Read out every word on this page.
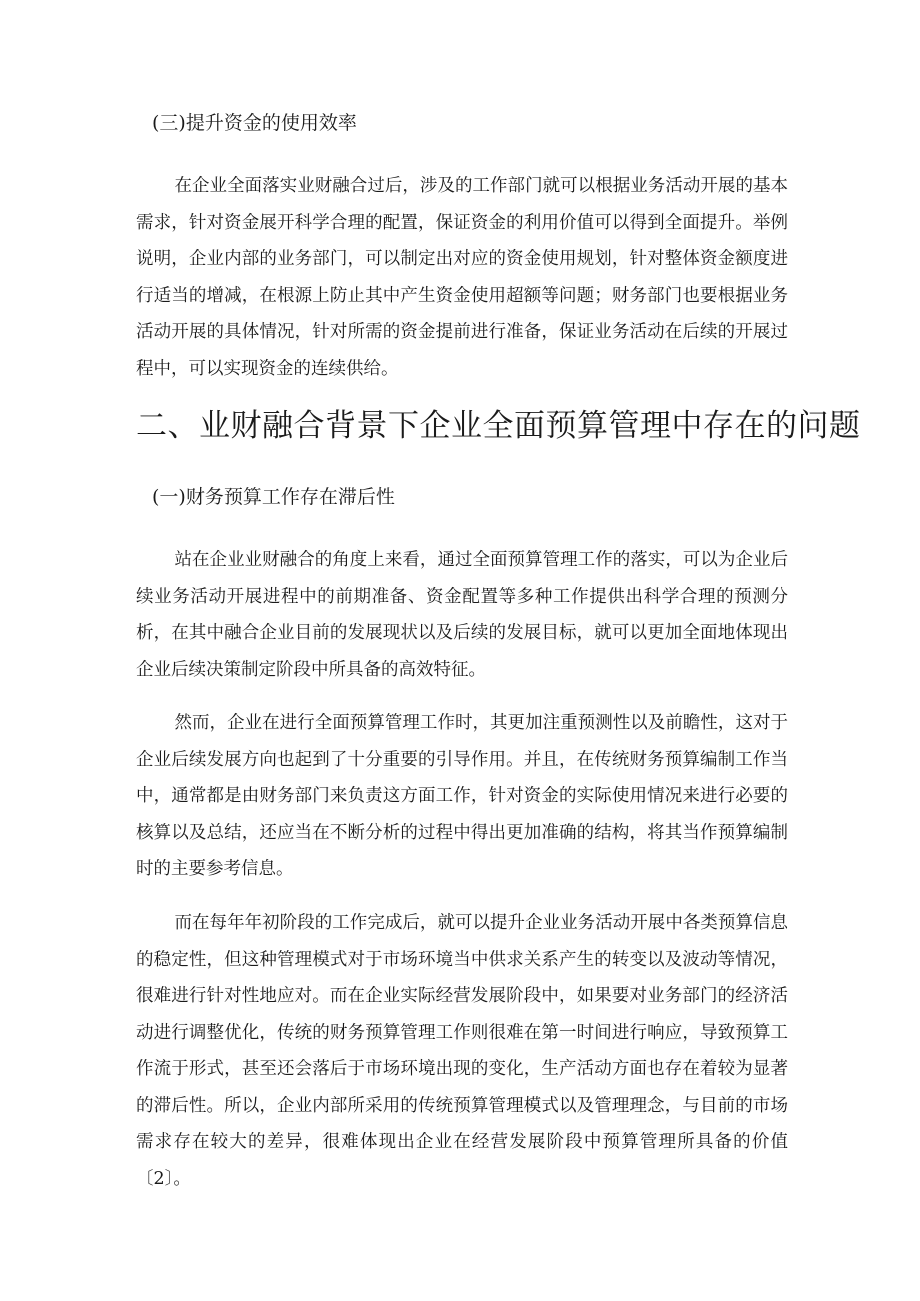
(三)提升资金的使用效率

在企业全面落实业财融合过后，涉及的工作部门就可以根据业务活动开展的基本需求，针对资金展开科学合理的配置，保证资金的利用价值可以得到全面提升。举例说明，企业内部的业务部门，可以制定出对应的资金使用规划，针对整体资金额度进行适当的增减，在根源上防止其中产生资金使用超额等问题；财务部门也要根据业务活动开展的具体情况，针对所需的资金提前进行准备，保证业务活动在后续的开展过程中，可以实现资金的连续供给。

二、业财融合背景下企业全面预算管理中存在的问题
(一)财务预算工作存在滞后性

站在企业业财融合的角度上来看，通过全面预算管理工作的落实，可以为企业后续业务活动开展进程中的前期准备、资金配置等多种工作提供出科学合理的预测分析，在其中融合企业目前的发展现状以及后续的发展目标，就可以更加全面地体现出企业后续决策制定阶段中所具备的高效特征。

然而，企业在进行全面预算管理工作时，其更加注重预测性以及前瞻性，这对于企业后续发展方向也起到了十分重要的引导作用。并且，在传统财务预算编制工作当中，通常都是由财务部门来负责这方面工作，针对资金的实际使用情况来进行必要的核算以及总结，还应当在不断分析的过程中得出更加准确的结构，将其当作预算编制时的主要参考信息。

而在每年年初阶段的工作完成后，就可以提升企业业务活动开展中各类预算信息的稳定性，但这种管理模式对于市场环境当中供求关系产生的转变以及波动等情况，很难进行针对性地应对。而在企业实际经营发展阶段中，如果要对业务部门的经济活动进行调整优化，传统的财务预算管理工作则很难在第一时间进行响应，导致预算工作流于形式，甚至还会落后于市场环境出现的变化，生产活动方面也存在着较为显著的滞后性。所以，企业内部所采用的传统预算管理模式以及管理理念，与目前的市场需求存在较大的差异，很难体现出企业在经营发展阶段中预算管理所具备的价值〔2〕。
